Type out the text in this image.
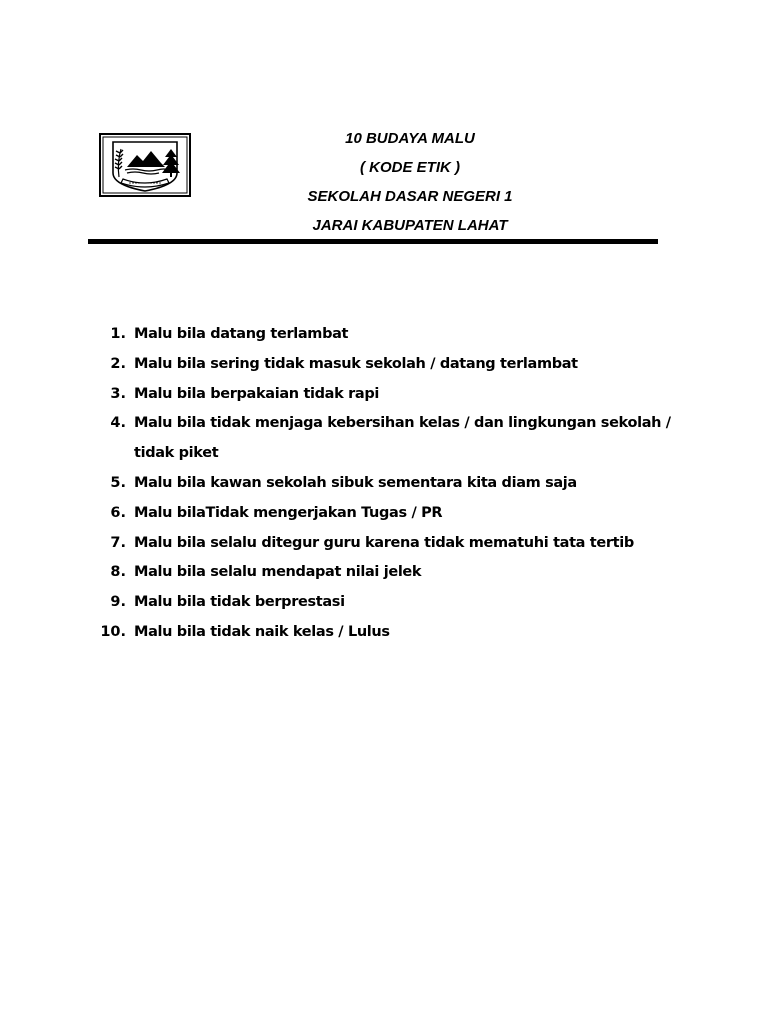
10 BUDAYA MALU
( KODE ETIK )
SEKOLAH DASAR NEGERI 1
JARAI KABUPATEN LAHAT
1. Malu bila datang terlambat
2. Malu bila sering tidak masuk sekolah / datang terlambat
3. Malu bila berpakaian tidak rapi
4. Malu bila tidak menjaga kebersihan kelas / dan lingkungan sekolah /
tidak piket
5. Malu bila kawan sekolah sibuk sementara kita diam saja
6. Malu bilaTidak mengerjakan Tugas / PR
7. Malu bila selalu ditegur guru karena tidak mematuhi tata tertib
8. Malu bila selalu mendapat nilai jelek
9. Malu bila tidak berprestasi
10. Malu bila tidak naik kelas / Lulus
